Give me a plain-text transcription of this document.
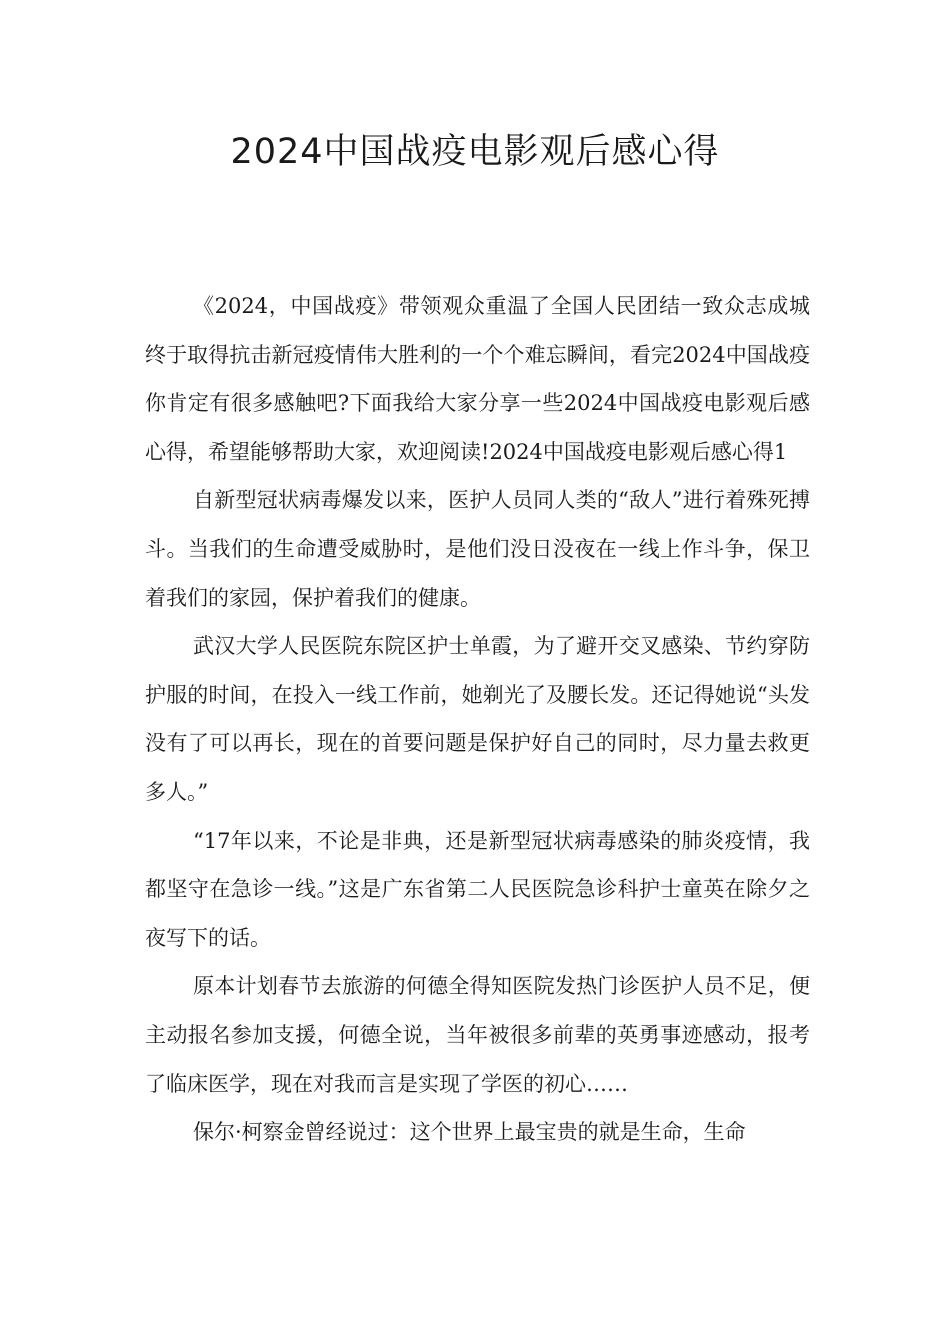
2024中国战疫电影观后感心得

《2024，中国战疫》带领观众重温了全国人民团结一致众志成城终于取得抗击新冠疫情伟大胜利的一个个难忘瞬间，看完2024中国战疫你肯定有很多感触吧?下面我给大家分享一些2024中国战疫电影观后感心得，希望能够帮助大家，欢迎阅读!2024中国战疫电影观后感心得1

自新型冠状病毒爆发以来，医护人员同人类的“敌人”进行着殊死搏斗。当我们的生命遭受威胁时，是他们没日没夜在一线上作斗争，保卫着我们的家园，保护着我们的健康。

武汉大学人民医院东院区护士单霞，为了避开交叉感染、节约穿防护服的时间，在投入一线工作前，她剃光了及腰长发。还记得她说“头发没有了可以再长，现在的首要问题是保护好自己的同时，尽力量去救更多人。”

“17年以来，不论是非典，还是新型冠状病毒感染的肺炎疫情，我都坚守在急诊一线。”这是广东省第二人民医院急诊科护士童英在除夕之夜写下的话。

原本计划春节去旅游的何德全得知医院发热门诊医护人员不足，便主动报名参加支援，何德全说，当年被很多前辈的英勇事迹感动，报考了临床医学，现在对我而言是实现了学医的初心……

保尔·柯察金曾经说过：这个世界上最宝贵的就是生命，生命
